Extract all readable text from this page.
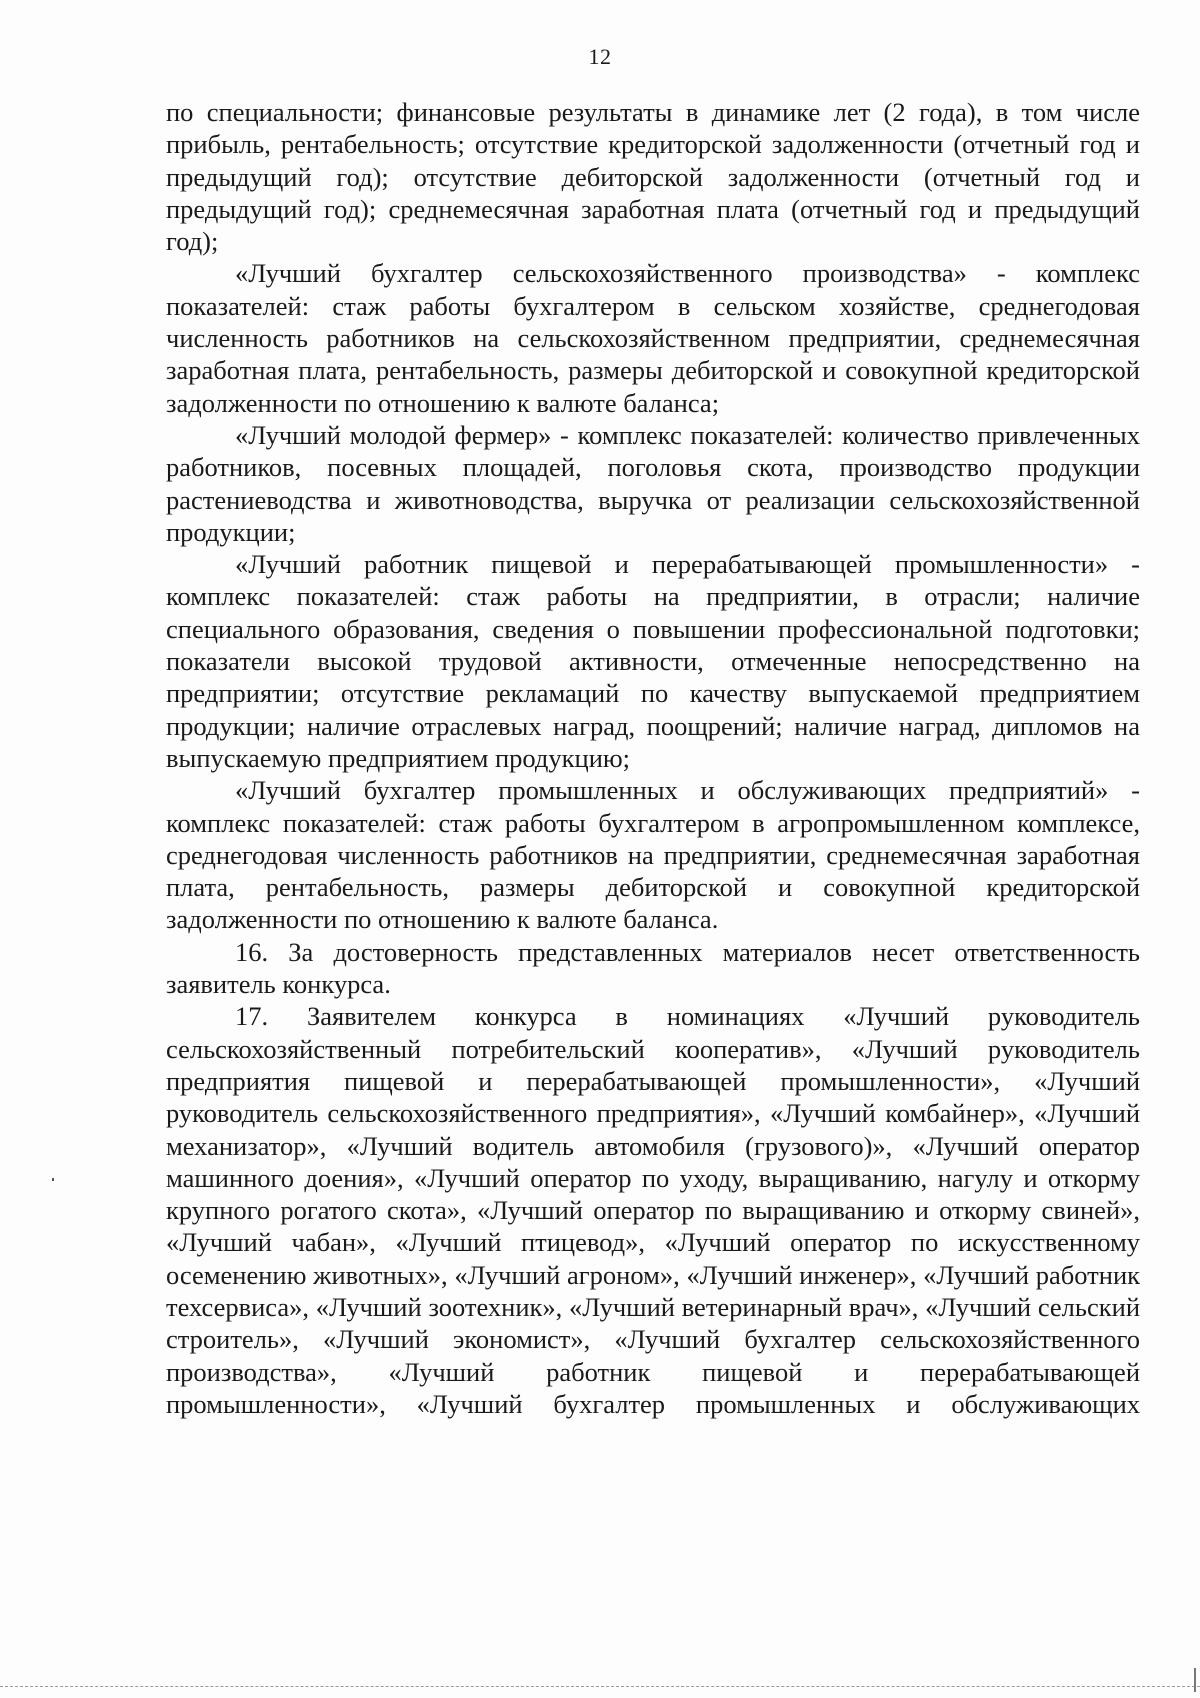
12

по специальности; финансовые результаты в динамике лет (2 года), в том числе прибыль, рентабельность; отсутствие кредиторской задолженности (отчетный год и предыдущий год); отсутствие дебиторской задолженности (отчетный год и предыдущий год); среднемесячная заработная плата (отчетный год и предыдущий год);

«Лучший бухгалтер сельскохозяйственного производства» - комплекс показателей: стаж работы бухгалтером в сельском хозяйстве, среднегодовая численность работников на сельскохозяйственном предприятии, среднемесячная заработная плата, рентабельность, размеры дебиторской и совокупной кредиторской задолженности по отношению к валюте баланса;

«Лучший молодой фермер» - комплекс показателей: количество привлеченных работников, посевных площадей, поголовья скота, производство продукции растениеводства и животноводства, выручка от реализации сельскохозяйственной продукции;

«Лучший работник пищевой и перерабатывающей промышленности» - комплекс показателей: стаж работы на предприятии, в отрасли; наличие специального образования, сведения о повышении профессиональной подготовки; показатели высокой трудовой активности, отмеченные непосредственно на предприятии; отсутствие рекламаций по качеству выпускаемой предприятием продукции; наличие отраслевых наград, поощрений; наличие наград, дипломов на выпускаемую предприятием продукцию;

«Лучший бухгалтер промышленных и обслуживающих предприятий» - комплекс показателей: стаж работы бухгалтером в агропромышленном комплексе, среднегодовая численность работников на предприятии, среднемесячная заработная плата, рентабельность, размеры дебиторской и совокупной кредиторской задолженности по отношению к валюте баланса.

16. За достоверность представленных материалов несет ответственность заявитель конкурса.

17. Заявителем конкурса в номинациях «Лучший руководитель сельскохозяйственный потребительский кооператив», «Лучший руководитель предприятия пищевой и перерабатывающей промышленности», «Лучший руководитель сельскохозяйственного предприятия», «Лучший комбайнер», «Лучший механизатор», «Лучший водитель автомобиля (грузового)», «Лучший оператор машинного доения», «Лучший оператор по уходу, выращиванию, нагулу и откорму крупного рогатого скота», «Лучший оператор по выращиванию и откорму свиней», «Лучший чабан», «Лучший птицевод», «Лучший оператор по искусственному осеменению животных», «Лучший агроном», «Лучший инженер», «Лучший работник техсервиса», «Лучший зоотехник», «Лучший ветеринарный врач», «Лучший сельский строитель», «Лучший экономист», «Лучший бухгалтер сельскохозяйственного производства», «Лучший работник пищевой и перерабатывающей промышленности», «Лучший бухгалтер промышленных и обслуживающих
